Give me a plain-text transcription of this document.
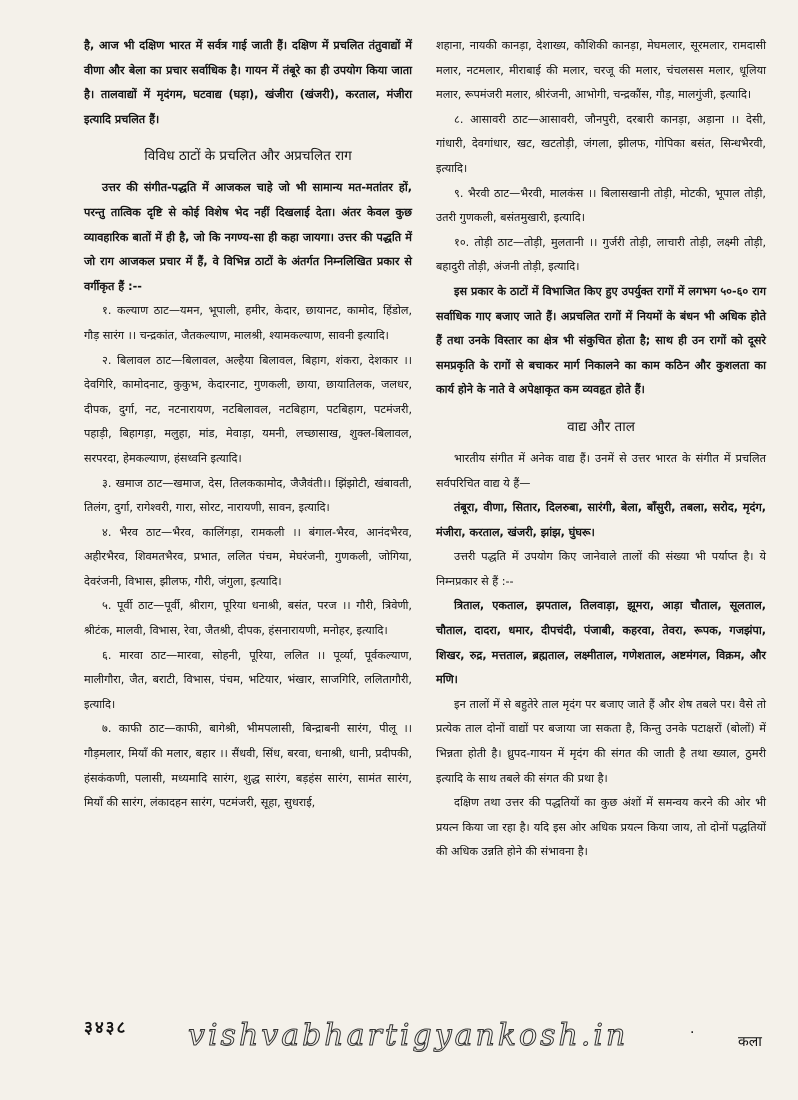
है, आज भी दक्षिण भारत में सर्वत्र गाई जाती हैं। दक्षिण में प्रचलित तंतुवाद्यों में वीणा और बेला का प्रचार सर्वाधिक है। गायन में तंबूरे का ही उपयोग किया जाता है। तालवाद्यों में मृदंगम, घटवाद्य (घड़ा), खंजीरा (खंजरी), करताल, मंजीरा इत्यादि प्रचलित हैं।

विविध ठाटों के प्रचलित और अप्रचलित राग

उत्तर की संगीत-पद्धति में आजकल चाहे जो भी सामान्य मत-मतांतर हों, परन्तु तात्विक दृष्टि से कोई विशेष भेद नहीं दिखलाई देता। अंतर केवल कुछ व्यावहारिक बातों में ही है, जो कि नगण्य-सा ही कहा जायगा। उत्तर की पद्धति में जो राग आजकल प्रचार में हैं, वे विभिन्न ठाटों के अंतर्गत निम्नलिखित प्रकार से वर्गीकृत हैं :--

१. कल्याण ठाट—यमन, भूपाली, हमीर, केदार, छायानट, कामोद, हिंडोल, गौड़ सारंग ।। चन्द्रकांत, जैतकल्याण, मालश्री, श्यामकल्याण, सावनी इत्यादि।

२. बिलावल ठाट—बिलावल, अल्हैया बिलावल, बिहाग, शंकरा, देशकार ।। देवगिरि, कामोदनाट, कुकुभ, केदारनाट, गुणकली, छाया, छायातिलक, जलधर, दीपक, दुर्गा, नट, नटनारायण, नटबिलावल, नटबिहाग, पटबिहाग, पटमंजरी, पहाड़ी, बिहागड़ा, मलुहा, मांड, मेवाड़ा, यमनी, लच्छासाख, शुक्ल-बिलावल, सरपरदा, हेमकल्याण, हंसध्वनि इत्यादि।

३. खमाज ठाट—खमाज, देस, तिलककामोद, जैजैवंती।। झिंझोटी, खंबावती, तिलंग, दुर्गा, रागेश्वरी, गारा, सोरट, नारायणी, सावन, इत्यादि।

४. भैरव ठाट—भैरव, कालिंगड़ा, रामकली ।। बंगाल-भैरव, आनंदभैरव, अहीरभैरव, शिवमतभैरव, प्रभात, ललित पंचम, मेघरंजनी, गुणकली, जोगिया, देवरंजनी, विभास, झीलफ, गौरी, जंगुला, इत्यादि।

५. पूर्वी ठाट—पूर्वी, श्रीराग, पूरिया धनाश्री, बसंत, परज ।। गौरी, त्रिवेणी, श्रीटंक, मालवी, विभास, रेवा, जैतश्री, दीपक, हंसनारायणी, मनोहर, इत्यादि।

६. मारवा ठाट—मारवा, सोहनी, पूरिया, ललित ।। पूर्व्या, पूर्वकल्याण, मालीगौरा, जैत, बराटी, विभास, पंचम, भटियार, भंखार, साजगिरि, ललितागौरी, इत्यादि।

७. काफी ठाट—काफी, बागेश्री, भीमपलासी, बिन्द्राबनी सारंग, पीलू ।। गौड़मलार, मियाँ की मलार, बहार ।। सैंधवी, सिंध, बरवा, धनाश्री, धानी, प्रदीपकी, हंसकंकणी, पलासी, मध्यमादि सारंग, शुद्ध सारंग, बड़हंस सारंग, सामंत सारंग, मियाँ की सारंग, लंकादहन सारंग, पटमंजरी, सूहा, सुधराई,

शहाना, नायकी कानड़ा, देशाख्य, कौशिकी कानड़ा, मेघमलार, सूरमलार, रामदासी मलार, नटमलार, मीराबाई की मलार, चरजू की मलार, चंचलसस मलार, धूलिया मलार, रूपमंजरी मलार, श्रीरंजनी, आभोगी, चन्द्रकौंस, गौड़, मालगुंजी, इत्यादि।

८. आसावरी ठाट—आसावरी, जौनपुरी, दरबारी कानड़ा, अड़ाना ।। देसी, गांधारी, देवगांधार, खट, खटतोड़ी, जंगला, झीलफ, गोपिका बसंत, सिन्धभैरवी, इत्यादि।

९. भैरवी ठाट—भैरवी, मालकंस ।। बिलासखानी तोड़ी, मोटकी, भूपाल तोड़ी, उतरी गुणकली, बसंतमुखारी, इत्यादि।

१०. तोड़ी ठाट—तोड़ी, मुलतानी ।। गुर्जरी तोड़ी, लाचारी तोड़ी, लक्ष्मी तोड़ी, बहादुरी तोड़ी, अंजनी तोड़ी, इत्यादि।

इस प्रकार के ठाटों में विभाजित किए हुए उपर्युक्त रागों में लगभग ५०-६० राग सर्वाधिक गाए बजाए जाते हैं। अप्रचलित रागों में नियमों के बंधन भी अधिक होते हैं तथा उनके विस्तार का क्षेत्र भी संकुचित होता है; साथ ही उन रागों को दूसरे समप्रकृति के रागों से बचाकर मार्ग निकालने का काम कठिन और कुशलता का कार्य होने के नाते वे अपेक्षाकृत कम व्यवहृत होते हैं।

वाद्य और ताल

भारतीय संगीत में अनेक वाद्य हैं। उनमें से उत्तर भारत के संगीत में प्रचलित सर्वपरिचित वाद्य ये हैं—

तंबूरा, वीणा, सितार, दिलरुबा, सारंगी, बेला, बाँसुरी, तबला, सरोद, मृदंग, मंजीरा, करताल, खंजरी, झांझ, घुंघरू।

उत्तरी पद्धति में उपयोग किए जानेवाले तालों की संख्या भी पर्याप्त है। ये निम्नप्रकार से हैं :--

त्रिताल, एकताल, झपताल, तिलवाड़ा, झूमरा, आड़ा चौताल, सूलताल, चौताल, दादरा, धमार, दीपचंदी, पंजाबी, कहरवा, तेवरा, रूपक, गजझंपा, शिखर, रुद्र, मत्तताल, ब्रह्मताल, लक्ष्मीताल, गणेशताल, अष्टमंगल, विक्रम, और मणि।

इन तालों में से बहुतेरे ताल मृदंग पर बजाए जाते हैं और शेष तबले पर। वैसे तो प्रत्येक ताल दोनों वाद्यों पर बजाया जा सकता है, किन्तु उनके पटाक्षरों (बोलों) में भिन्नता होती है। ध्रुपद-गायन में मृदंग की संगत की जाती है तथा ख्याल, ठुमरी इत्यादि के साथ तबले की संगत की प्रथा है।

दक्षिण तथा उत्तर की पद्धतियों का कुछ अंशों में समन्वय करने की ओर भी प्रयत्न किया जा रहा है। यदि इस ओर अधिक प्रयत्न किया जाय, तो दोनों पद्धतियों की अधिक उन्नति होने की संभावना है।

३४३८ vishvabhartigyankosh.in	·
कला
